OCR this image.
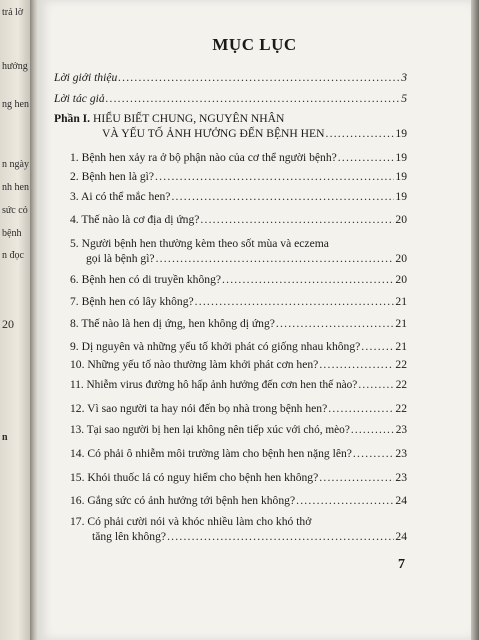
trả lờ
hướng
ng hen
n ngày
nh hen
sức cỏ
bệnh
n đọc
20
n
MỤC LỤC
Lời giới thiệu .....	3
Lời tác giả .....	5
Phần I. HIỂU BIẾT CHUNG, NGUYÊN NHÂN
VÀ YẾU TỐ ẢNH HƯỞNG ĐẾN BỆNH HEN .....	19
1. Bệnh hen xảy ra ở bộ phận nào của cơ thể người bệnh? .....	19
2. Bệnh hen là gì? .....	19
3. Ai có thể mắc hen? .....	19
4. Thế nào là cơ địa dị ứng? .....	20
5. Người bệnh hen thường kèm theo sốt mùa và eczema
gọi là bệnh gì? .....	20
6. Bệnh hen có di truyền không? .....	20
7. Bệnh hen có lây không? .....	21
8. Thế nào là hen dị ứng, hen không dị ứng? .....	21
9. Dị nguyên và những yếu tố khởi phát có giống nhau không? .....	21
10. Những yếu tố nào thường làm khởi phát cơn hen? .....	22
11. Nhiễm virus đường hô hấp ảnh hưởng đến cơn hen thế nào? .....	22
12. Vì sao người ta hay nói đến bọ nhà trong bệnh hen? .....	22
13. Tại sao người bị hen lại không nên tiếp xúc với chó, mèo? .....	23
14. Có phải ô nhiễm môi trường làm cho bệnh hen nặng lên? .....	23
15. Khói thuốc lá có nguy hiểm cho bệnh hen không? .....	23
16. Gắng sức có ảnh hưởng tới bệnh hen không? .....	24
17. Có phải cười nói và khóc nhiều làm cho khó thở
tăng lên không? .....	24
7
